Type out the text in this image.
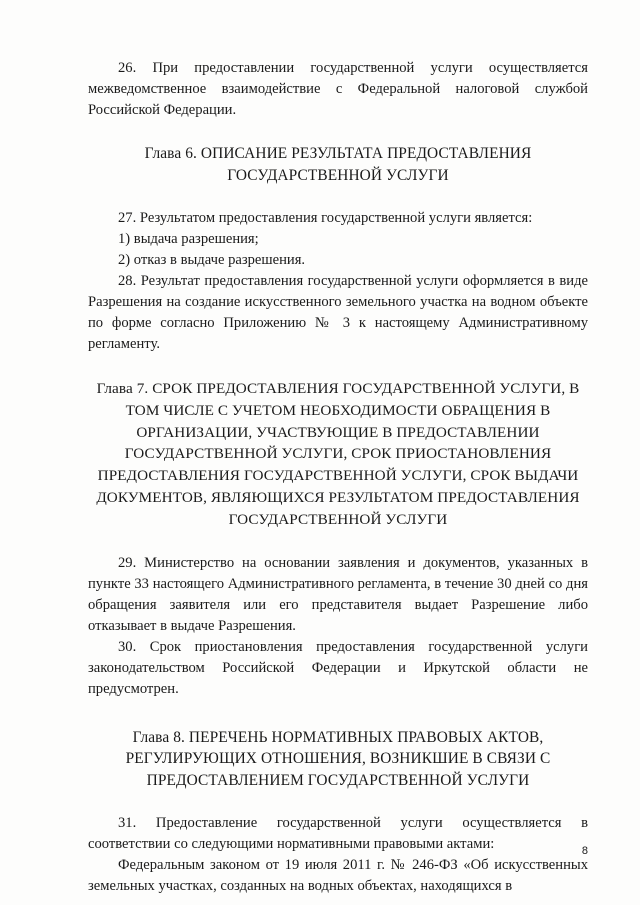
26. При предоставлении государственной услуги осуществляется межведомственное взаимодействие с Федеральной налоговой службой Российской Федерации.

Глава 6. ОПИСАНИЕ РЕЗУЛЬТАТА ПРЕДОСТАВЛЕНИЯ ГОСУДАРСТВЕННОЙ УСЛУГИ

27. Результатом предоставления государственной услуги является:

1) выдача разрешения;

2) отказ в выдаче разрешения.

28. Результат предоставления государственной услуги оформляется в виде Разрешения на создание искусственного земельного участка на водном объекте по форме согласно Приложению № 3 к настоящему Административному регламенту.

Глава 7. СРОК ПРЕДОСТАВЛЕНИЯ ГОСУДАРСТВЕННОЙ УСЛУГИ, В ТОМ ЧИСЛЕ С УЧЕТОМ НЕОБХОДИМОСТИ ОБРАЩЕНИЯ В ОРГАНИЗАЦИИ, УЧАСТВУЮЩИЕ В ПРЕДОСТАВЛЕНИИ ГОСУДАРСТВЕННОЙ УСЛУГИ, СРОК ПРИОСТАНОВЛЕНИЯ ПРЕДОСТАВЛЕНИЯ ГОСУДАРСТВЕННОЙ УСЛУГИ, СРОК ВЫДАЧИ ДОКУМЕНТОВ, ЯВЛЯЮЩИХСЯ РЕЗУЛЬТАТОМ ПРЕДОСТАВЛЕНИЯ ГОСУДАРСТВЕННОЙ УСЛУГИ

29. Министерство на основании заявления и документов, указанных в пункте 33 настоящего Административного регламента, в течение 30 дней со дня обращения заявителя или его представителя выдает Разрешение либо отказывает в выдаче Разрешения.

30. Срок приостановления предоставления государственной услуги законодательством Российской Федерации и Иркутской области не предусмотрен.

Глава 8. ПЕРЕЧЕНЬ НОРМАТИВНЫХ ПРАВОВЫХ АКТОВ, РЕГУЛИРУЮЩИХ ОТНОШЕНИЯ, ВОЗНИКШИЕ В СВЯЗИ С ПРЕДОСТАВЛЕНИЕМ ГОСУДАРСТВЕННОЙ УСЛУГИ

31. Предоставление государственной услуги осуществляется в соответствии со следующими нормативными правовыми актами:

Федеральным законом от 19 июля 2011 г. № 246-ФЗ «Об искусственных земельных участках, созданных на водных объектах, находящихся в

8
